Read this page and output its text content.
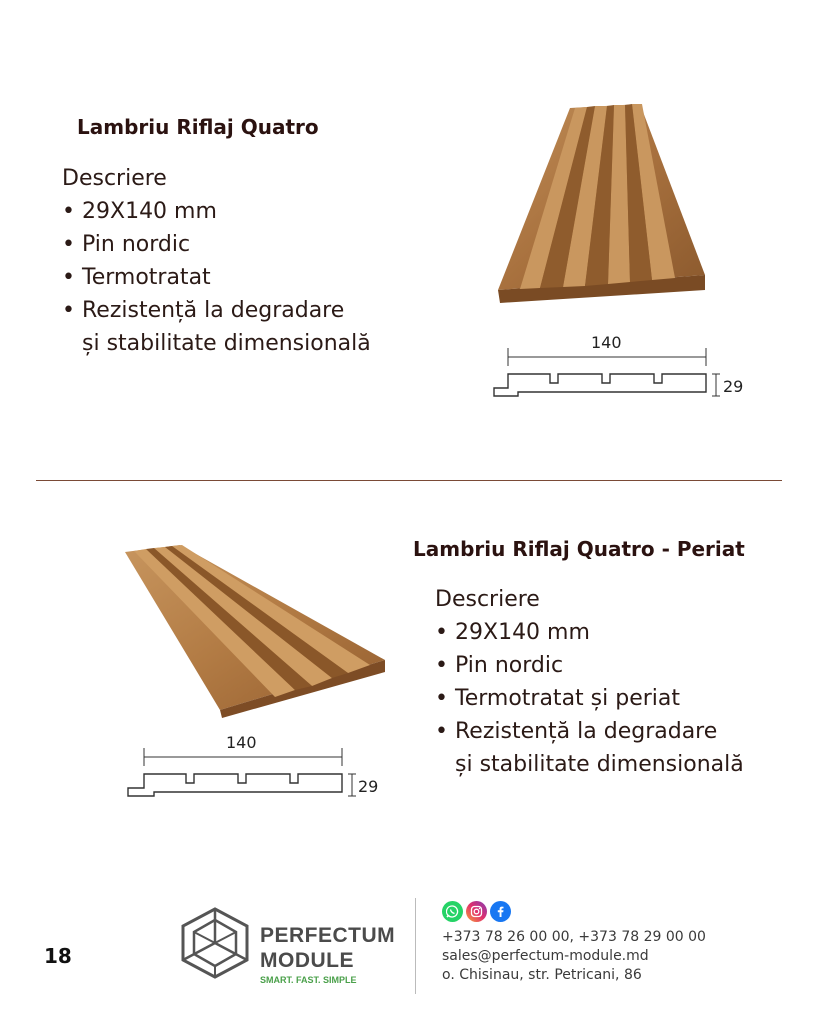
Lambriu Riflaj Quatro
Descriere
• 29X140 mm
• Pin nordic
• Termotratat
• Rezistență la degradare
și stabilitate dimensională	140
29
Lambriu Riflaj Quatro - Periat
Descriere
• 29X140 mm
• Pin nordic
• Termotratat și periat
• Rezistență la degradare
și stabilitate dimensională
140
29
18
PERFECTUM
MODULE
SMART. FAST. SIMPLE
+373 78 26 00 00, +373 78 29 00 00
sales@perfectum-module.md
o. Chisinau, str. Petricani, 86
